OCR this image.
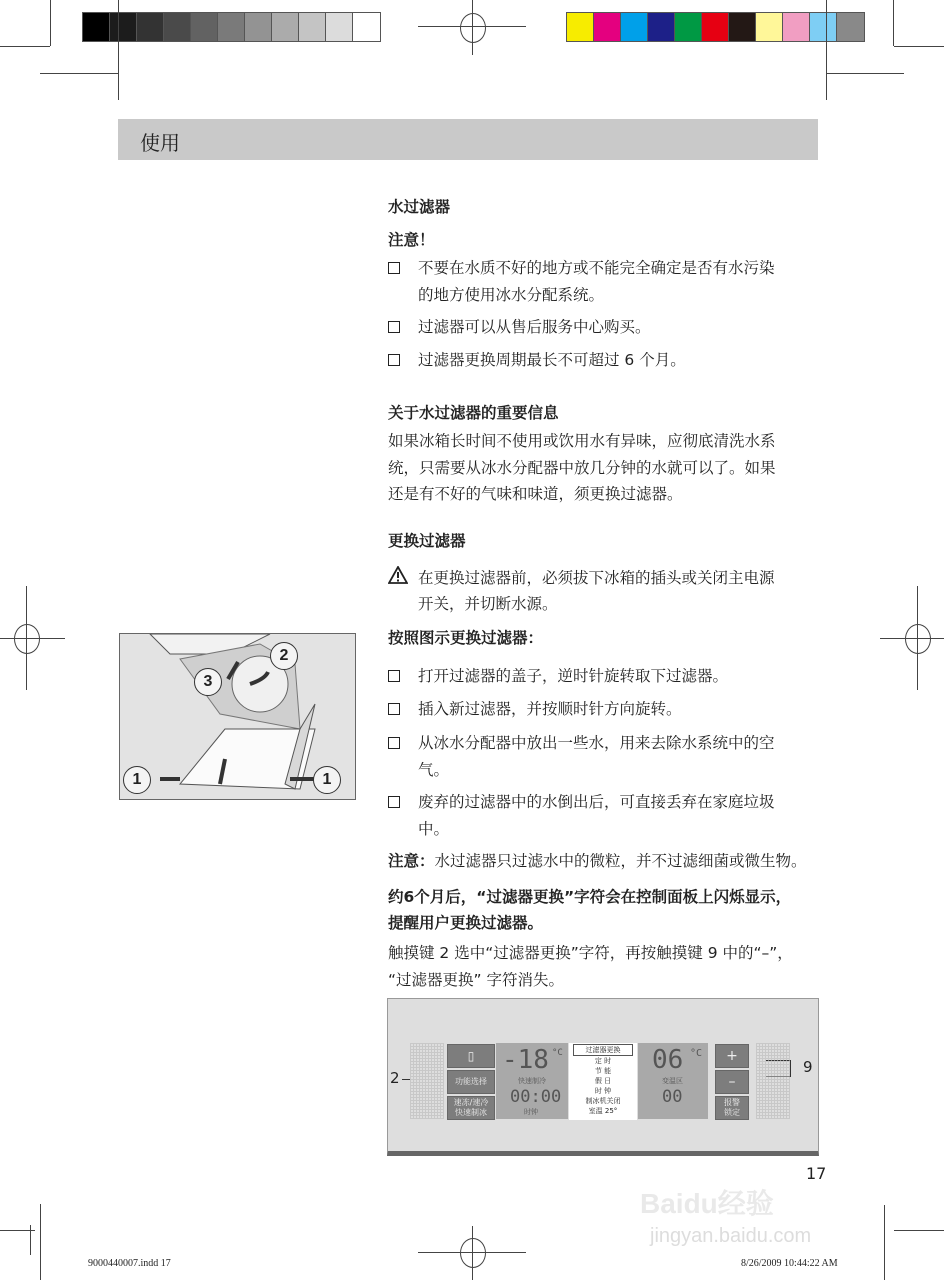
使用
水过滤器
注意！
不要在水质不好的地方或不能完全确定是否有水污染
的地方使用冰水分配系统。
过滤器可以从售后服务中心购买。
过滤器更换周期最长不可超过 6 个月。
关于水过滤器的重要信息
如果冰箱长时间不使用或饮用水有异味，应彻底清洗水系
统，只需要从冰水分配器中放几分钟的水就可以了。如果
还是有不好的气味和味道，须更换过滤器。
更换过滤器
在更换过滤器前，必须拔下冰箱的插头或关闭主电源
开关，并切断水源。
按照图示更换过滤器：
打开过滤器的盖子，逆时针旋转取下过滤器。
插入新过滤器，并按顺时针方向旋转。
从冰水分配器中放出一些水，用来去除水系统中的空
气。
废弃的过滤器中的水倒出后，可直接丢弃在家庭垃圾
中。
注意：水过滤器只过滤水中的微粒，并不过滤细菌或微生物。
约6个月后，“过滤器更换”字符会在控制面板上闪烁显示，
提醒用户更换过滤器。
触摸键 2 选中“过滤器更换”字符，再按触摸键 9 中的“–”，
“过滤器更换” 字符消失。
1	1
2
3
2
9
▯
功能选择
速冻/速冷
快速制冰
-18 °C
快速制冷
00:00
时钟
过滤器更换
定 时
节 能
假 日
时 钟
制冰机关闭
室温 25°
06 °C
变温区
00
+
–
报警
锁定
17
Baidu经验
jingyan.baidu.com
9000440007.indd 17	8/26/2009 10:44:22 AM
